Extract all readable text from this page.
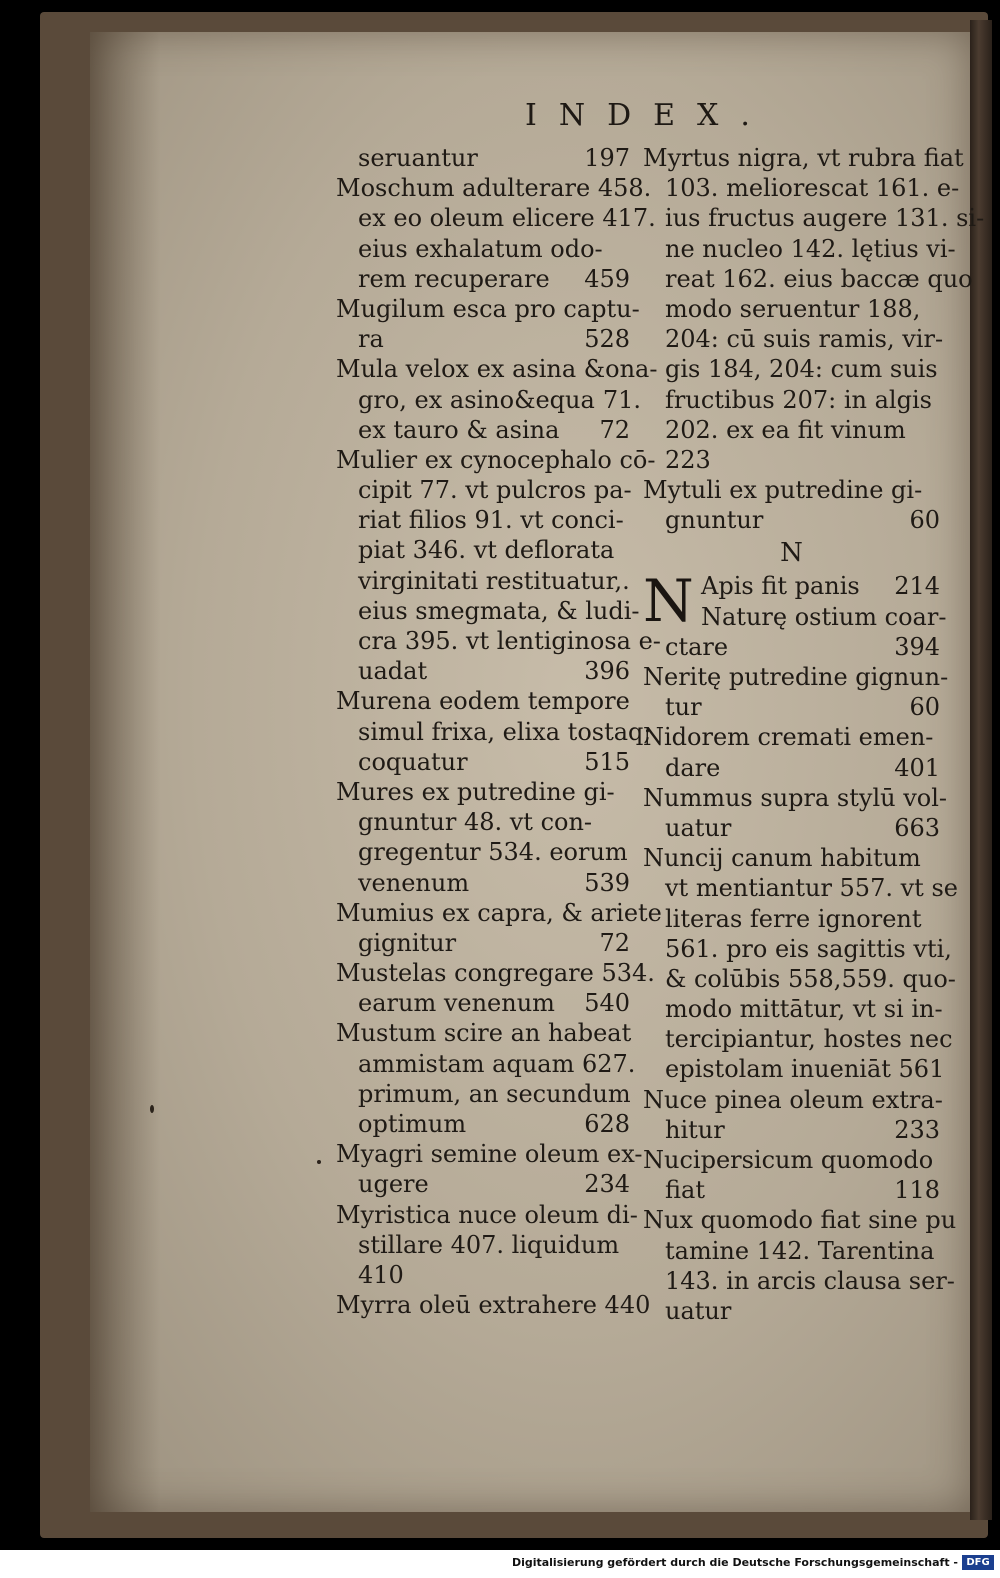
INDEX.
seruantur	197
Moschum adulterare 458.
ex eo oleum elicere 417.
eius exhalatum odo-
rem recuperare 459
Mugilum esca pro captu-
ra	528
Mula velox ex asina &ona-
gro, ex asino&equa 71.
ex tauro & asina 72
Mulier ex cynocephalo cō-
cipit 77. vt pulcros pa-
riat filios 91. vt conci-
piat 346. vt deflorata
virginitati restituatur,.
eius smegmata, & ludi-
cra 395. vt lentiginosa e-
uadat	396
Murena eodem tempore
simul frixa, elixa tostaq;
coquatur	515
Mures ex putredine gi-
gnuntur 48. vt con-
gregentur 534. eorum
venenum	539
Mumius ex capra, & ariete
gignitur	72
Mustelas congregare 534.
earum venenum 540
Mustum scire an habeat
ammistam aquam 627.
primum, an secundum
optimum	628
Myagri semine oleum ex-
ugere	234
Myristica nuce oleum di-
stillare 407. liquidum
410
Myrra oleū extrahere 440
Myrtus nigra, vt rubra fiat
103. meliorescat 161. e-
ius fructus augere 131. si-
ne nucleo 142. lętius vi-
reat 162. eius baccæ quo
modo seruentur 188,
204: cū suis ramis, vir-
gis 184, 204: cum suis
fructibus 207: in algis
202. ex ea fit vinum
223
Mytuli ex putredine gi-
gnuntur	60
N
N Apis fit panis 214
Naturę ostium coar-
ctare	394
Neritę putredine gignun-
tur	60
Nidorem cremati emen-
dare	401
Nummus supra stylū vol-
uatur	663
Nuncij canum habitum
vt mentiantur 557. vt se
literas ferre ignorent
561. pro eis sagittis vti,
& colūbis 558,559. quo-
modo mittātur, vt si in-
tercipiantur, hostes nec
epistolam inueniāt 561
Nuce pinea oleum extra-
hitur	233
Nucipersicum quomodo
fiat	118
Nux quomodo fiat sine pu
tamine 142. Tarentina
143. in arcis clausa ser-
uatur
Digitalisierung gefördert durch die Deutsche Forschungsgemeinschaft - DFG
